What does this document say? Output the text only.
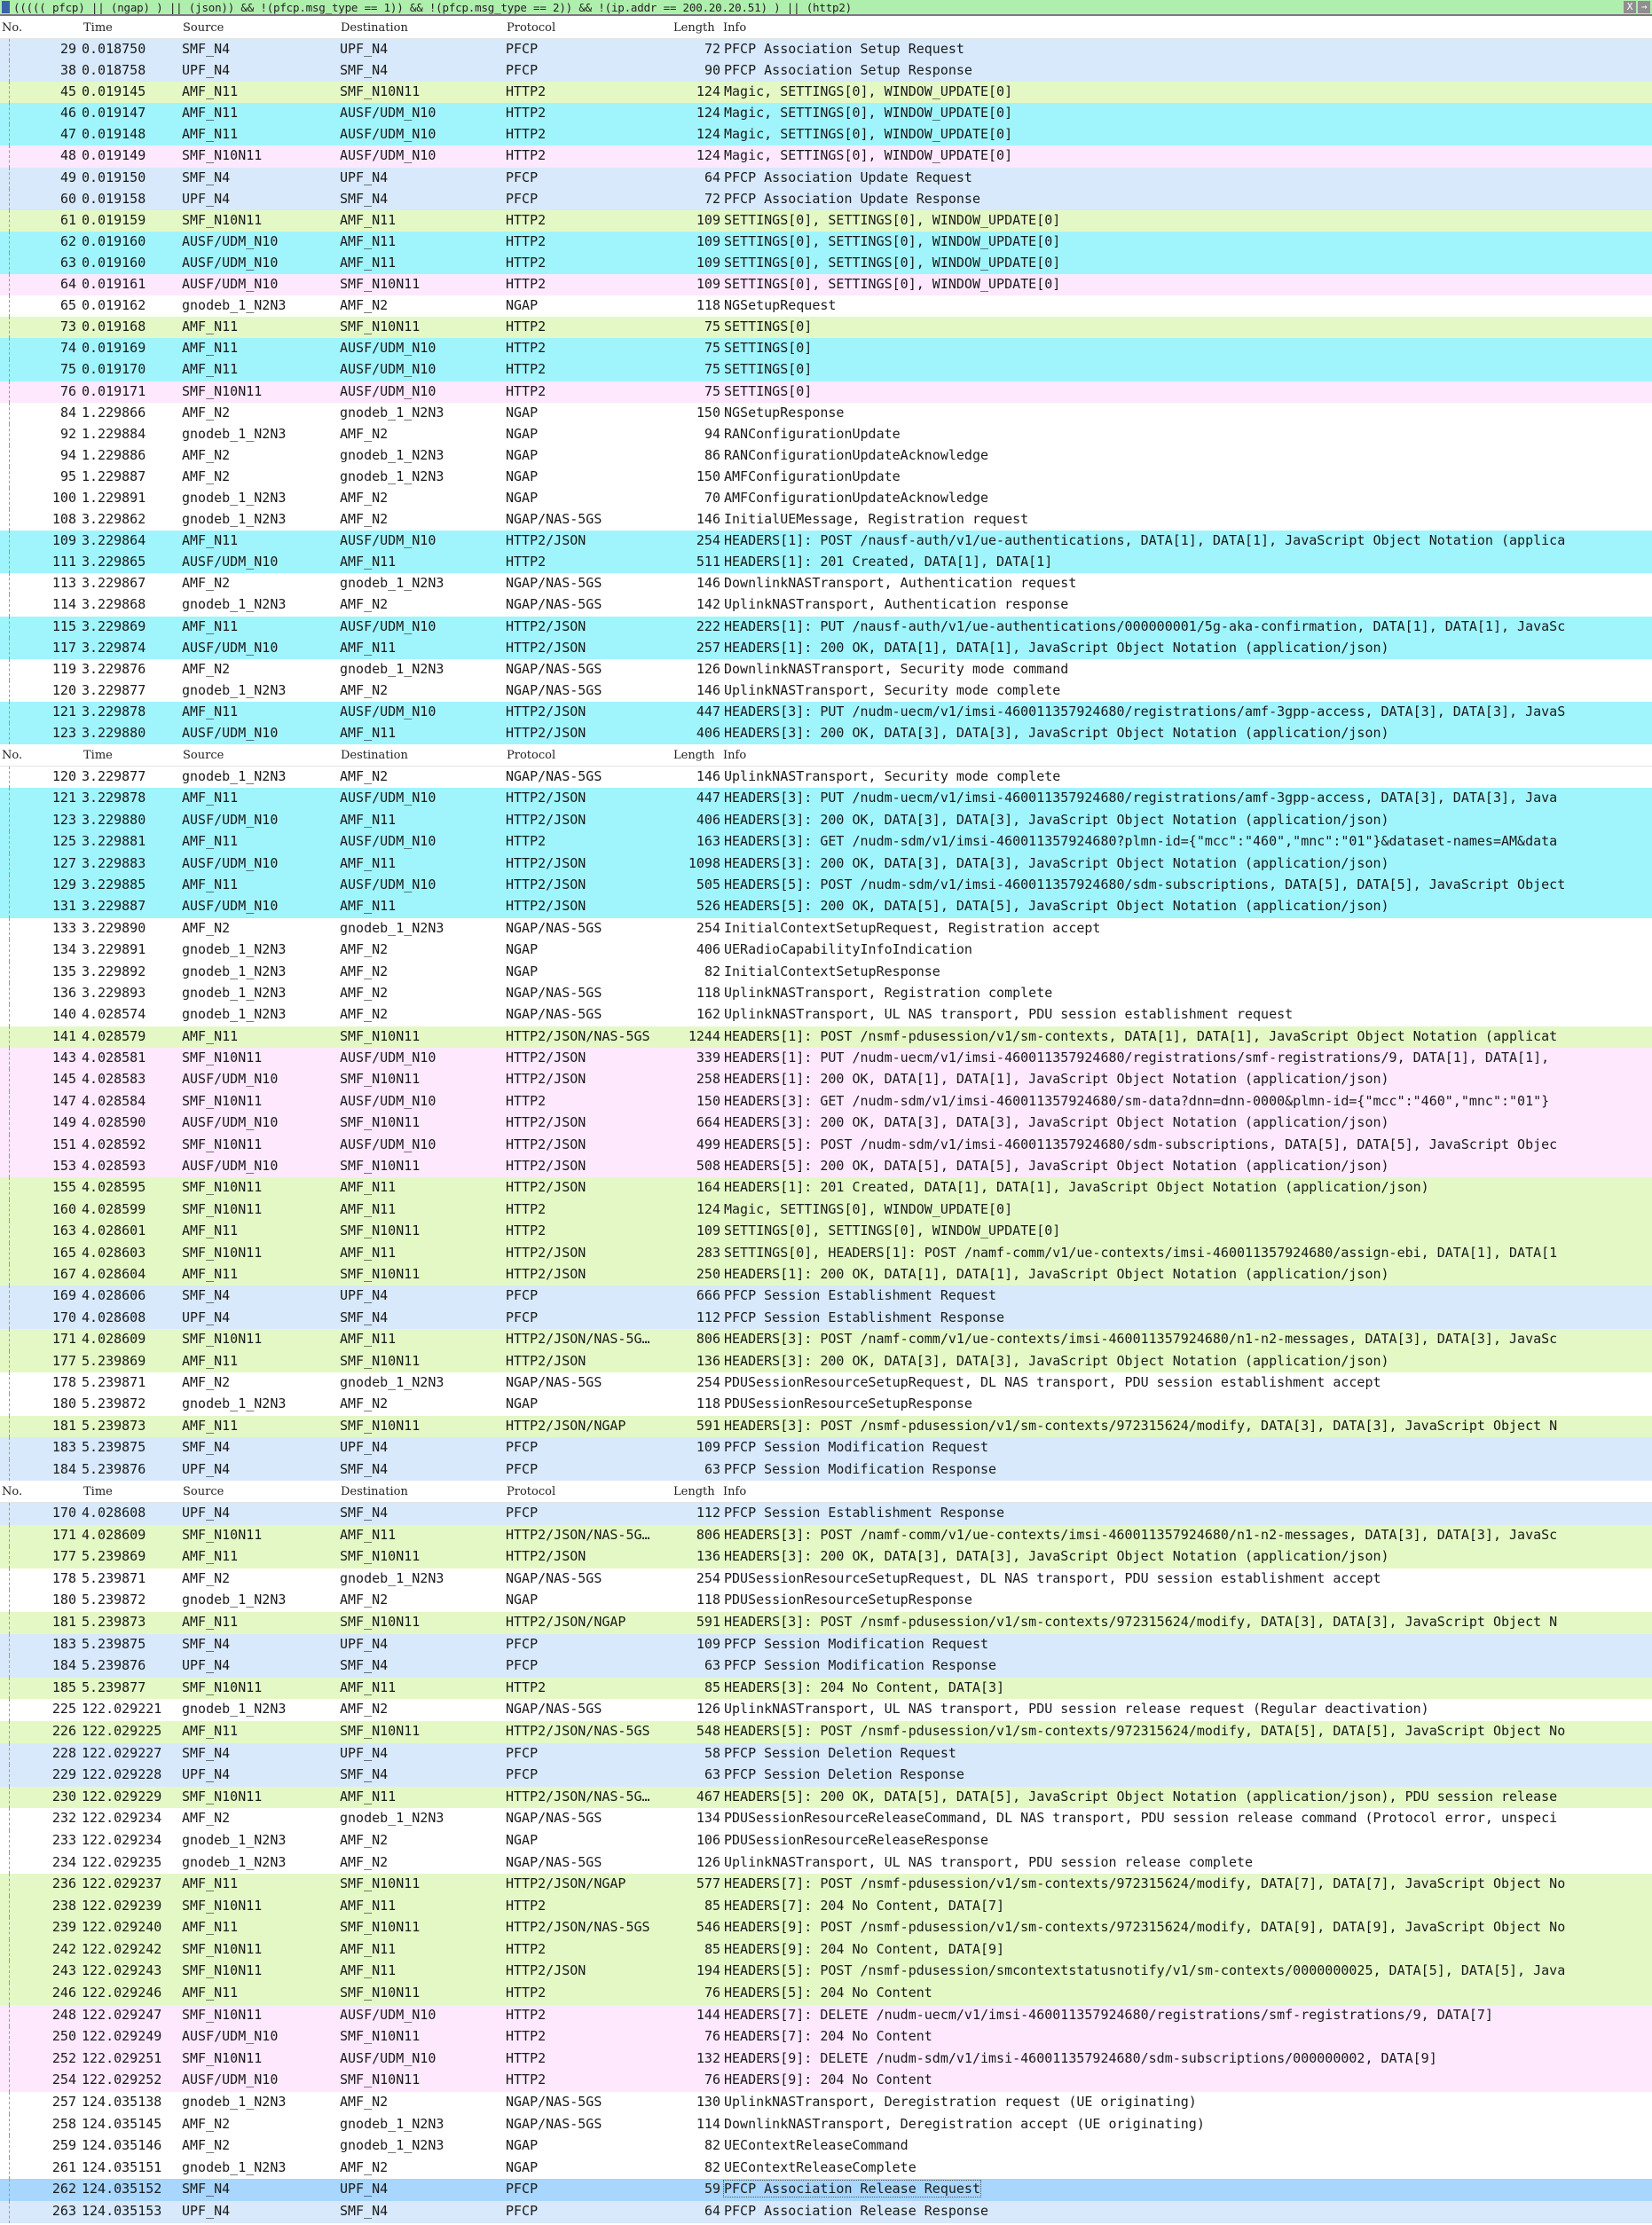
((((( pfcp) || (ngap) ) || (json)) && !(pfcp.msg_type == 1)) && !(pfcp.msg_type == 2)) && !(ip.addr == 200.20.20.51) ) || (http2)	X →
No.	Time	Source	Destination	Protocol	Length Info
29 0.018750	SMF_N4	UPF_N4	PFCP	72 PFCP Association Setup Request
38 0.018758	UPF_N4	SMF_N4	PFCP	90 PFCP Association Setup Response
45 0.019145	AMF_N11	SMF_N10N11	HTTP2	124 Magic, SETTINGS[0], WINDOW_UPDATE[0]
46 0.019147	AMF_N11	AUSF/UDM_N10	HTTP2	124 Magic, SETTINGS[0], WINDOW_UPDATE[0]
47 0.019148	AMF_N11	AUSF/UDM_N10	HTTP2	124 Magic, SETTINGS[0], WINDOW_UPDATE[0]
48 0.019149	SMF_N10N11	AUSF/UDM_N10	HTTP2	124 Magic, SETTINGS[0], WINDOW_UPDATE[0]
49 0.019150	SMF_N4	UPF_N4	PFCP	64 PFCP Association Update Request
60 0.019158	UPF_N4	SMF_N4	PFCP	72 PFCP Association Update Response
61 0.019159	SMF_N10N11	AMF_N11	HTTP2	109 SETTINGS[0], SETTINGS[0], WINDOW_UPDATE[0]
62 0.019160	AUSF/UDM_N10	AMF_N11	HTTP2	109 SETTINGS[0], SETTINGS[0], WINDOW_UPDATE[0]
63 0.019160	AUSF/UDM_N10	AMF_N11	HTTP2	109 SETTINGS[0], SETTINGS[0], WINDOW_UPDATE[0]
64 0.019161	AUSF/UDM_N10	SMF_N10N11	HTTP2	109 SETTINGS[0], SETTINGS[0], WINDOW_UPDATE[0]
65 0.019162	gnodeb_1_N2N3	AMF_N2	NGAP	118 NGSetupRequest
73 0.019168	AMF_N11	SMF_N10N11	HTTP2	75 SETTINGS[0]
74 0.019169	AMF_N11	AUSF/UDM_N10	HTTP2	75 SETTINGS[0]
75 0.019170	AMF_N11	AUSF/UDM_N10	HTTP2	75 SETTINGS[0]
76 0.019171	SMF_N10N11	AUSF/UDM_N10	HTTP2	75 SETTINGS[0]
84 1.229866	AMF_N2	gnodeb_1_N2N3	NGAP	150 NGSetupResponse
92 1.229884	gnodeb_1_N2N3	AMF_N2	NGAP	94 RANConfigurationUpdate
94 1.229886	AMF_N2	gnodeb_1_N2N3	NGAP	86 RANConfigurationUpdateAcknowledge
95 1.229887	AMF_N2	gnodeb_1_N2N3	NGAP	150 AMFConfigurationUpdate
100 1.229891	gnodeb_1_N2N3	AMF_N2	NGAP	70 AMFConfigurationUpdateAcknowledge
108 3.229862	gnodeb_1_N2N3	AMF_N2	NGAP/NAS-5GS	146 InitialUEMessage, Registration request
109 3.229864	AMF_N11	AUSF/UDM_N10	HTTP2/JSON	254 HEADERS[1]: POST /nausf-auth/v1/ue-authentications, DATA[1], DATA[1], JavaScript Object Notation (applica
111 3.229865	AUSF/UDM_N10	AMF_N11	HTTP2	511 HEADERS[1]: 201 Created, DATA[1], DATA[1]
113 3.229867	AMF_N2	gnodeb_1_N2N3	NGAP/NAS-5GS	146 DownlinkNASTransport, Authentication request
114 3.229868	gnodeb_1_N2N3	AMF_N2	NGAP/NAS-5GS	142 UplinkNASTransport, Authentication response
115 3.229869	AMF_N11	AUSF/UDM_N10	HTTP2/JSON	222 HEADERS[1]: PUT /nausf-auth/v1/ue-authentications/000000001/5g-aka-confirmation, DATA[1], DATA[1], JavaSc
117 3.229874	AUSF/UDM_N10	AMF_N11	HTTP2/JSON	257 HEADERS[1]: 200 OK, DATA[1], DATA[1], JavaScript Object Notation (application/json)
119 3.229876	AMF_N2	gnodeb_1_N2N3	NGAP/NAS-5GS	126 DownlinkNASTransport, Security mode command
120 3.229877	gnodeb_1_N2N3	AMF_N2	NGAP/NAS-5GS	146 UplinkNASTransport, Security mode complete
121 3.229878	AMF_N11	AUSF/UDM_N10	HTTP2/JSON	447 HEADERS[3]: PUT /nudm-uecm/v1/imsi-460011357924680/registrations/amf-3gpp-access, DATA[3], DATA[3], JavaS
123 3.229880	AUSF/UDM_N10	AMF_N11	HTTP2/JSON	406 HEADERS[3]: 200 OK, DATA[3], DATA[3], JavaScript Object Notation (application/json)
No.	Time	Source	Destination	Protocol	Length Info
120 3.229877	gnodeb_1_N2N3	AMF_N2	NGAP/NAS-5GS	146 UplinkNASTransport, Security mode complete
121 3.229878	AMF_N11	AUSF/UDM_N10	HTTP2/JSON	447 HEADERS[3]: PUT /nudm-uecm/v1/imsi-460011357924680/registrations/amf-3gpp-access, DATA[3], DATA[3], Java
123 3.229880	AUSF/UDM_N10	AMF_N11	HTTP2/JSON	406 HEADERS[3]: 200 OK, DATA[3], DATA[3], JavaScript Object Notation (application/json)
125 3.229881	AMF_N11	AUSF/UDM_N10	HTTP2	163 HEADERS[3]: GET /nudm-sdm/v1/imsi-460011357924680?plmn-id={"mcc":"460","mnc":"01"}&dataset-names=AM&data
127 3.229883	AUSF/UDM_N10	AMF_N11	HTTP2/JSON	1098 HEADERS[3]: 200 OK, DATA[3], DATA[3], JavaScript Object Notation (application/json)
129 3.229885	AMF_N11	AUSF/UDM_N10	HTTP2/JSON	505 HEADERS[5]: POST /nudm-sdm/v1/imsi-460011357924680/sdm-subscriptions, DATA[5], DATA[5], JavaScript Object
131 3.229887	AUSF/UDM_N10	AMF_N11	HTTP2/JSON	526 HEADERS[5]: 200 OK, DATA[5], DATA[5], JavaScript Object Notation (application/json)
133 3.229890	AMF_N2	gnodeb_1_N2N3	NGAP/NAS-5GS	254 InitialContextSetupRequest, Registration accept
134 3.229891	gnodeb_1_N2N3	AMF_N2	NGAP	406 UERadioCapabilityInfoIndication
135 3.229892	gnodeb_1_N2N3	AMF_N2	NGAP	82 InitialContextSetupResponse
136 3.229893	gnodeb_1_N2N3	AMF_N2	NGAP/NAS-5GS	118 UplinkNASTransport, Registration complete
140 4.028574	gnodeb_1_N2N3	AMF_N2	NGAP/NAS-5GS	162 UplinkNASTransport, UL NAS transport, PDU session establishment request
141 4.028579	AMF_N11	SMF_N10N11	HTTP2/JSON/NAS-5GS	1244 HEADERS[1]: POST /nsmf-pdusession/v1/sm-contexts, DATA[1], DATA[1], JavaScript Object Notation (applicat
143 4.028581	SMF_N10N11	AUSF/UDM_N10	HTTP2/JSON	339 HEADERS[1]: PUT /nudm-uecm/v1/imsi-460011357924680/registrations/smf-registrations/9, DATA[1], DATA[1],
145 4.028583	AUSF/UDM_N10	SMF_N10N11	HTTP2/JSON	258 HEADERS[1]: 200 OK, DATA[1], DATA[1], JavaScript Object Notation (application/json)
147 4.028584	SMF_N10N11	AUSF/UDM_N10	HTTP2	150 HEADERS[3]: GET /nudm-sdm/v1/imsi-460011357924680/sm-data?dnn=dnn-0000&plmn-id={"mcc":"460","mnc":"01"}
149 4.028590	AUSF/UDM_N10	SMF_N10N11	HTTP2/JSON	664 HEADERS[3]: 200 OK, DATA[3], DATA[3], JavaScript Object Notation (application/json)
151 4.028592	SMF_N10N11	AUSF/UDM_N10	HTTP2/JSON	499 HEADERS[5]: POST /nudm-sdm/v1/imsi-460011357924680/sdm-subscriptions, DATA[5], DATA[5], JavaScript Objec
153 4.028593	AUSF/UDM_N10	SMF_N10N11	HTTP2/JSON	508 HEADERS[5]: 200 OK, DATA[5], DATA[5], JavaScript Object Notation (application/json)
155 4.028595	SMF_N10N11	AMF_N11	HTTP2/JSON	164 HEADERS[1]: 201 Created, DATA[1], DATA[1], JavaScript Object Notation (application/json)
160 4.028599	SMF_N10N11	AMF_N11	HTTP2	124 Magic, SETTINGS[0], WINDOW_UPDATE[0]
163 4.028601	AMF_N11	SMF_N10N11	HTTP2	109 SETTINGS[0], SETTINGS[0], WINDOW_UPDATE[0]
165 4.028603	SMF_N10N11	AMF_N11	HTTP2/JSON	283 SETTINGS[0], HEADERS[1]: POST /namf-comm/v1/ue-contexts/imsi-460011357924680/assign-ebi, DATA[1], DATA[1
167 4.028604	AMF_N11	SMF_N10N11	HTTP2/JSON	250 HEADERS[1]: 200 OK, DATA[1], DATA[1], JavaScript Object Notation (application/json)
169 4.028606	SMF_N4	UPF_N4	PFCP	666 PFCP Session Establishment Request
170 4.028608	UPF_N4	SMF_N4	PFCP	112 PFCP Session Establishment Response
171 4.028609	SMF_N10N11	AMF_N11	HTTP2/JSON/NAS-5G…	806 HEADERS[3]: POST /namf-comm/v1/ue-contexts/imsi-460011357924680/n1-n2-messages, DATA[3], DATA[3], JavaSc
177 5.239869	AMF_N11	SMF_N10N11	HTTP2/JSON	136 HEADERS[3]: 200 OK, DATA[3], DATA[3], JavaScript Object Notation (application/json)
178 5.239871	AMF_N2	gnodeb_1_N2N3	NGAP/NAS-5GS	254 PDUSessionResourceSetupRequest, DL NAS transport, PDU session establishment accept
180 5.239872	gnodeb_1_N2N3	AMF_N2	NGAP	118 PDUSessionResourceSetupResponse
181 5.239873	AMF_N11	SMF_N10N11	HTTP2/JSON/NGAP	591 HEADERS[3]: POST /nsmf-pdusession/v1/sm-contexts/972315624/modify, DATA[3], DATA[3], JavaScript Object N
183 5.239875	SMF_N4	UPF_N4	PFCP	109 PFCP Session Modification Request
184 5.239876	UPF_N4	SMF_N4	PFCP	63 PFCP Session Modification Response
No.	Time	Source	Destination	Protocol	Length Info
170 4.028608	UPF_N4	SMF_N4	PFCP	112 PFCP Session Establishment Response
171 4.028609	SMF_N10N11	AMF_N11	HTTP2/JSON/NAS-5G…	806 HEADERS[3]: POST /namf-comm/v1/ue-contexts/imsi-460011357924680/n1-n2-messages, DATA[3], DATA[3], JavaSc
177 5.239869	AMF_N11	SMF_N10N11	HTTP2/JSON	136 HEADERS[3]: 200 OK, DATA[3], DATA[3], JavaScript Object Notation (application/json)
178 5.239871	AMF_N2	gnodeb_1_N2N3	NGAP/NAS-5GS	254 PDUSessionResourceSetupRequest, DL NAS transport, PDU session establishment accept
180 5.239872	gnodeb_1_N2N3	AMF_N2	NGAP	118 PDUSessionResourceSetupResponse
181 5.239873	AMF_N11	SMF_N10N11	HTTP2/JSON/NGAP	591 HEADERS[3]: POST /nsmf-pdusession/v1/sm-contexts/972315624/modify, DATA[3], DATA[3], JavaScript Object N
183 5.239875	SMF_N4	UPF_N4	PFCP	109 PFCP Session Modification Request
184 5.239876	UPF_N4	SMF_N4	PFCP	63 PFCP Session Modification Response
185 5.239877	SMF_N10N11	AMF_N11	HTTP2	85 HEADERS[3]: 204 No Content, DATA[3]
225 122.029221 gnodeb_1_N2N3	AMF_N2	NGAP/NAS-5GS	126 UplinkNASTransport, UL NAS transport, PDU session release request (Regular deactivation)
226 122.029225 AMF_N11	SMF_N10N11	HTTP2/JSON/NAS-5GS	548 HEADERS[5]: POST /nsmf-pdusession/v1/sm-contexts/972315624/modify, DATA[5], DATA[5], JavaScript Object No
228 122.029227 SMF_N4	UPF_N4	PFCP	58 PFCP Session Deletion Request
229 122.029228 UPF_N4	SMF_N4	PFCP	63 PFCP Session Deletion Response
230 122.029229 SMF_N10N11	AMF_N11	HTTP2/JSON/NAS-5G…	467 HEADERS[5]: 200 OK, DATA[5], DATA[5], JavaScript Object Notation (application/json), PDU session release
232 122.029234 AMF_N2	gnodeb_1_N2N3	NGAP/NAS-5GS	134 PDUSessionResourceReleaseCommand, DL NAS transport, PDU session release command (Protocol error, unspeci
233 122.029234 gnodeb_1_N2N3	AMF_N2	NGAP	106 PDUSessionResourceReleaseResponse
234 122.029235 gnodeb_1_N2N3	AMF_N2	NGAP/NAS-5GS	126 UplinkNASTransport, UL NAS transport, PDU session release complete
236 122.029237 AMF_N11	SMF_N10N11	HTTP2/JSON/NGAP	577 HEADERS[7]: POST /nsmf-pdusession/v1/sm-contexts/972315624/modify, DATA[7], DATA[7], JavaScript Object No
238 122.029239 SMF_N10N11	AMF_N11	HTTP2	85 HEADERS[7]: 204 No Content, DATA[7]
239 122.029240 AMF_N11	SMF_N10N11	HTTP2/JSON/NAS-5GS	546 HEADERS[9]: POST /nsmf-pdusession/v1/sm-contexts/972315624/modify, DATA[9], DATA[9], JavaScript Object No
242 122.029242 SMF_N10N11	AMF_N11	HTTP2	85 HEADERS[9]: 204 No Content, DATA[9]
243 122.029243 SMF_N10N11	AMF_N11	HTTP2/JSON	194 HEADERS[5]: POST /nsmf-pdusession/smcontextstatusnotify/v1/sm-contexts/0000000025, DATA[5], DATA[5], Java
246 122.029246 AMF_N11	SMF_N10N11	HTTP2	76 HEADERS[5]: 204 No Content
248 122.029247 SMF_N10N11	AUSF/UDM_N10	HTTP2	144 HEADERS[7]: DELETE /nudm-uecm/v1/imsi-460011357924680/registrations/smf-registrations/9, DATA[7]
250 122.029249 AUSF/UDM_N10	SMF_N10N11	HTTP2	76 HEADERS[7]: 204 No Content
252 122.029251 SMF_N10N11	AUSF/UDM_N10	HTTP2	132 HEADERS[9]: DELETE /nudm-sdm/v1/imsi-460011357924680/sdm-subscriptions/000000002, DATA[9]
254 122.029252 AUSF/UDM_N10	SMF_N10N11	HTTP2	76 HEADERS[9]: 204 No Content
257 124.035138 gnodeb_1_N2N3	AMF_N2	NGAP/NAS-5GS	130 UplinkNASTransport, Deregistration request (UE originating)
258 124.035145 AMF_N2	gnodeb_1_N2N3	NGAP/NAS-5GS	114 DownlinkNASTransport, Deregistration accept (UE originating)
259 124.035146 AMF_N2	gnodeb_1_N2N3	NGAP	82 UEContextReleaseCommand
261 124.035151 gnodeb_1_N2N3	AMF_N2	NGAP	82 UEContextReleaseComplete
262 124.035152 SMF_N4	UPF_N4	PFCP	59 PFCP Association Release Request
263 124.035153 UPF_N4	SMF_N4	PFCP	64 PFCP Association Release Response
